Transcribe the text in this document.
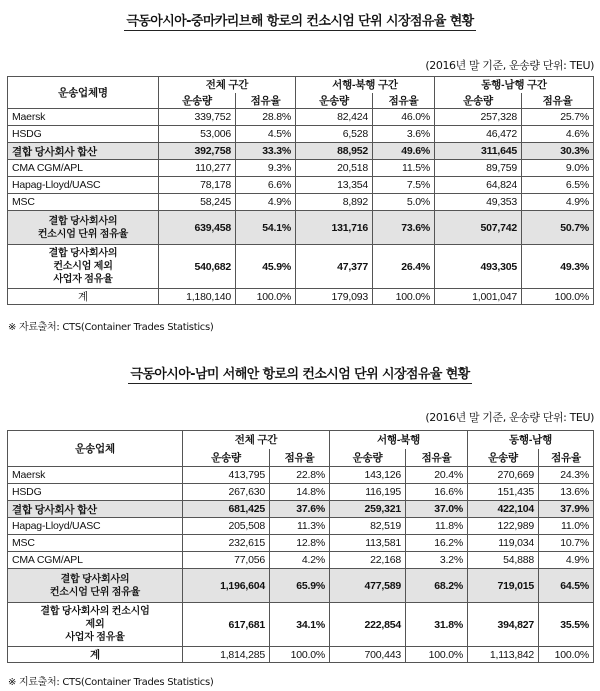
극동아시아-중마카리브해 항로의 컨소시엄 단위 시장점유율 현황
(2016년 말 기준, 운송량 단위: TEU)
운송업체명	전체 구간		서행-북행 구간		동행-남행 구간	
	운송량	점유율	운송량	점유율	운송량	점유율
Maersk	339,752	28.8%	82,424	46.0%	257,328	25.7%
HSDG	53,006	4.5%	6,528	3.6%	46,472	4.6%
결합 당사회사 합산	392,758	33.3%	88,952	49.6%	311,645	30.3%
CMA CGM/APL	110,277	9.3%	20,518	11.5%	89,759	9.0%
Hapag-Lloyd/UASC	78,178	6.6%	13,354	7.5%	64,824	6.5%
MSC	58,245	4.9%	8,892	5.0%	49,353	4.9%
결합 당사회사의
컨소시엄 단위 점유율	639,458	54.1%	131,716	73.6%	507,742	50.7%
결합 당사회사의
컨소시엄 제외
사업자 점유율	540,682	45.9%	47,377	26.4%	493,305	49.3%
계	1,180,140	100.0%	179,093	100.0%	1,001,047	100.0%
※ 자료출처: CTS(Container Trades Statistics)
극동아시아-남미 서해안 항로의 컨소시엄 단위 시장점유율 현황
(2016년 말 기준, 운송량 단위: TEU)
운송업체	전체 구간		서행-북행		동행-남행	
	운송량	점유율	운송량	점유율	운송량	점유율
Maersk	413,795	22.8%	143,126	20.4%	270,669	24.3%
HSDG	267,630	14.8%	116,195	16.6%	151,435	13.6%
결합 당사회사 합산	681,425	37.6%	259,321	37.0%	422,104	37.9%
Hapag-Lloyd/UASC	205,508	11.3%	82,519	11.8%	122,989	11.0%
MSC	232,615	12.8%	113,581	16.2%	119,034	10.7%
CMA CGM/APL	77,056	4.2%	22,168	3.2%	54,888	4.9%
결합 당사회사의
컨소시엄 단위 점유율	1,196,604	65.9%	477,589	68.2%	719,015	64.5%
결합 당사회사의 컨소시엄
제외
사업자 점유율	617,681	34.1%	222,854	31.8%	394,827	35.5%
계	1,814,285	100.0%	700,443	100.0%	1,113,842	100.0%
※ 지료출처: CTS(Container Trades Statistics)
